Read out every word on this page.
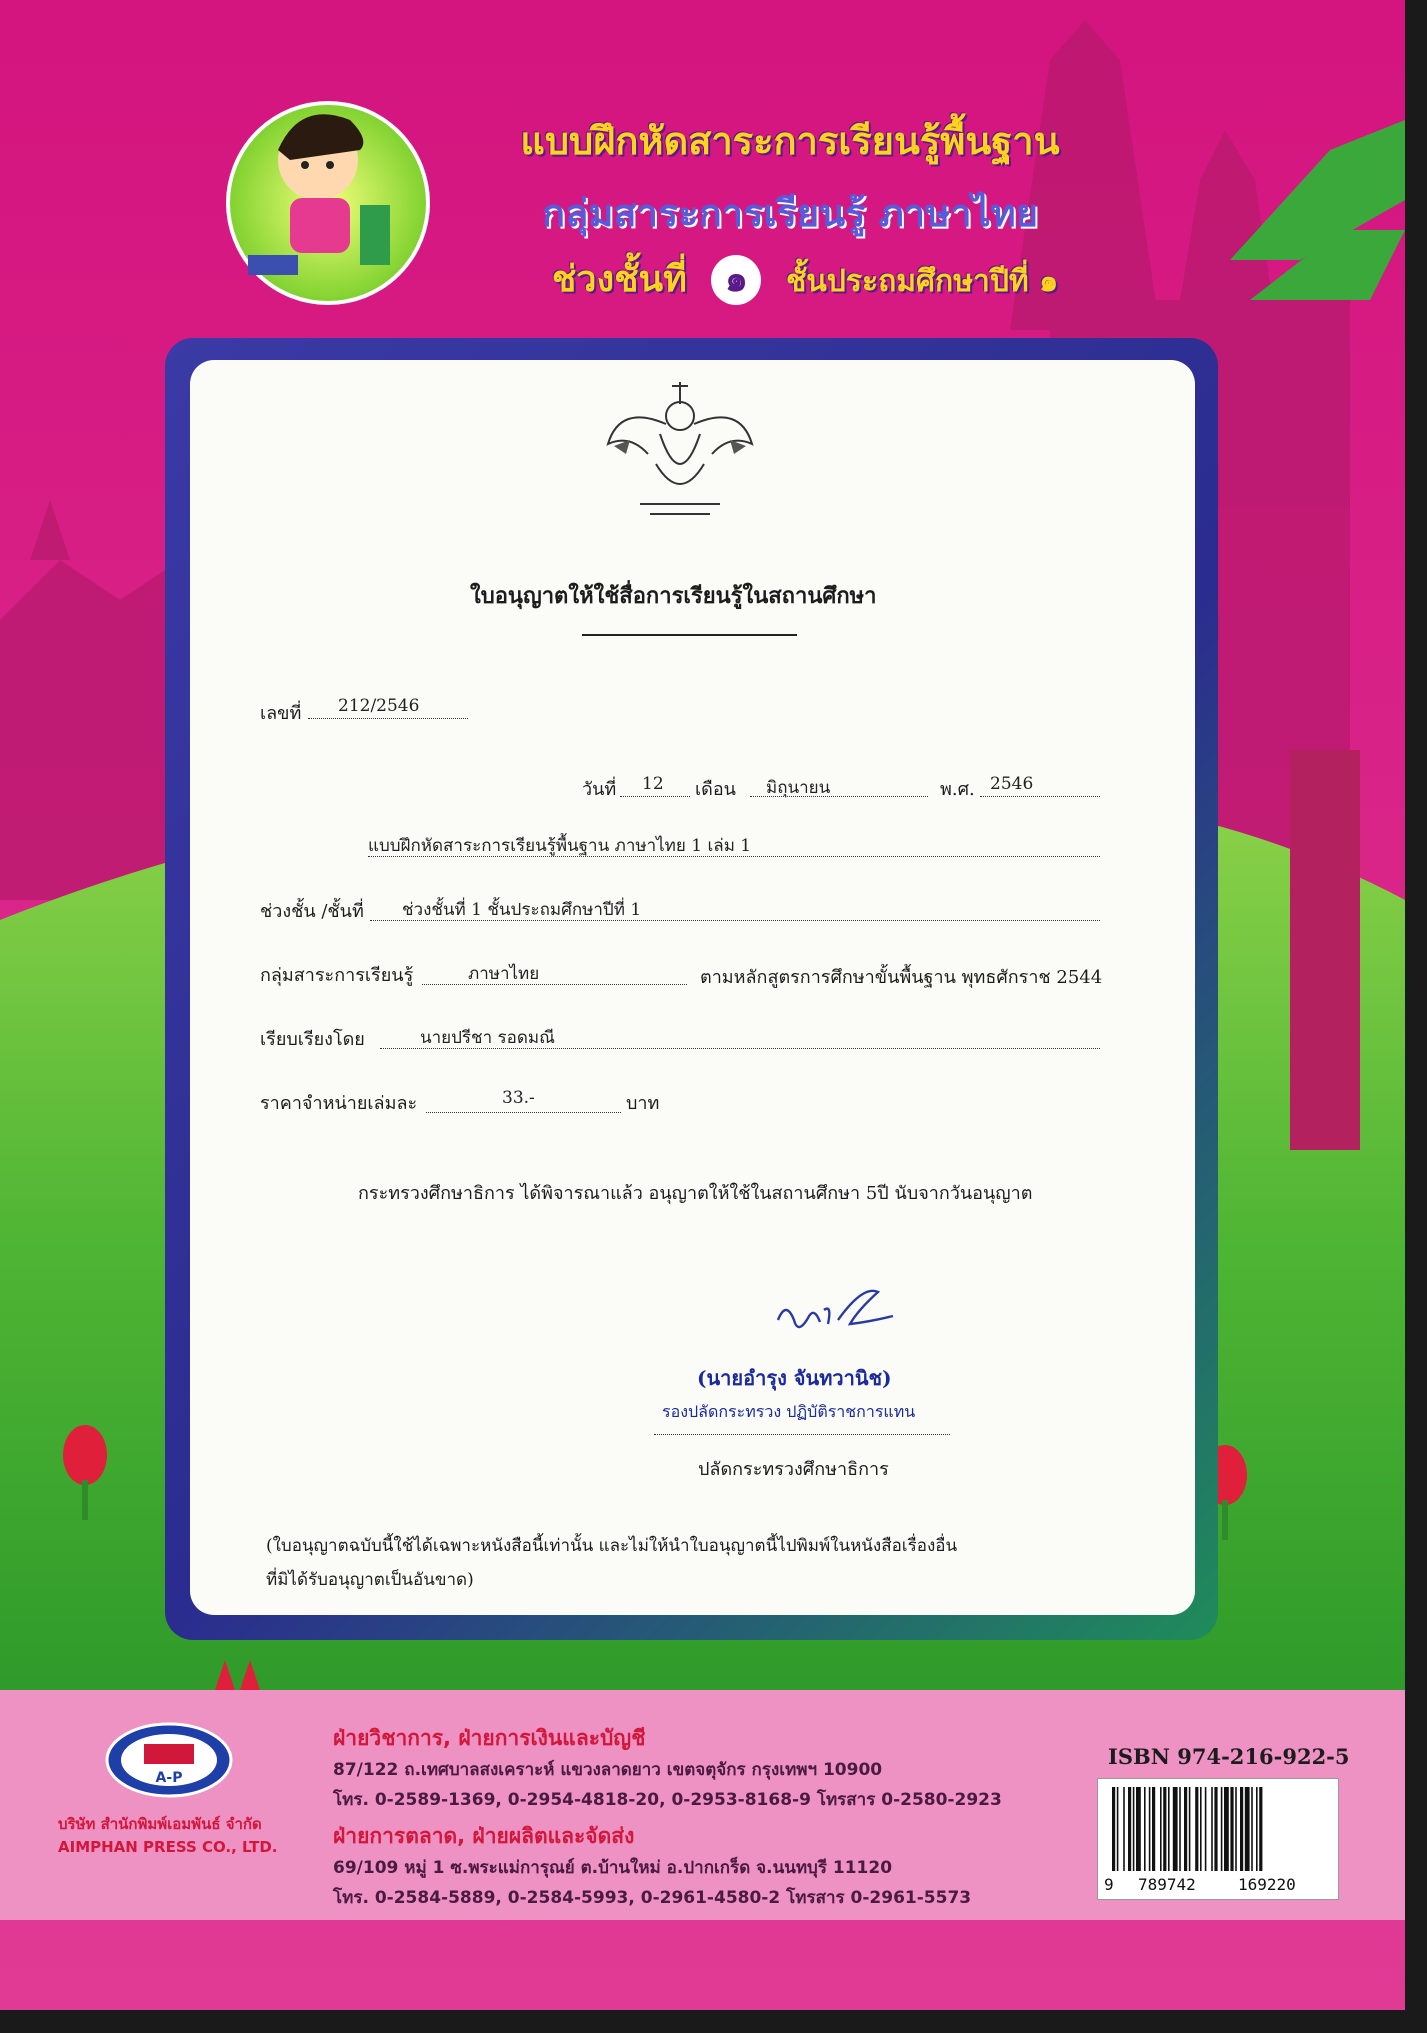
แบบฝึกหัดสาระการเรียนรู้พื้นฐาน
กลุ่มสาระการเรียนรู้ ภาษาไทย
ช่วงชั้นที่ ๑ ชั้นประถมศึกษาปีที่ ๑
ใบอนุญาตให้ใช้สื่อการเรียนรู้ในสถานศึกษา
เลขที่ 212/2546
วันที่ 12 เดือน มิถุนายน	พ.ศ. 2546
แบบฝึกหัดสาระการเรียนรู้พื้นฐาน ภาษาไทย 1 เล่ม 1
ช่วงชั้น /ชั้นที่ ช่วงชั้นที่ 1 ชั้นประถมศึกษาปีที่ 1
กลุ่มสาระการเรียนรู้	ภาษาไทย	ตามหลักสูตรการศึกษาขั้นพื้นฐาน พุทธศักราช 2544
เรียบเรียงโดย	นายปรีชา รอดมณี
ราคาจำหน่ายเล่มละ	33.-	บาท
กระทรวงศึกษาธิการ ได้พิจารณาแล้ว อนุญาตให้ใช้ในสถานศึกษา 5ปี นับจากวันอนุญาต
(นายอำรุง จันทวานิช)
รองปลัดกระทรวง ปฏิบัติราชการแทน
ปลัดกระทรวงศึกษาธิการ
(ใบอนุญาตฉบับนี้ใช้ได้เฉพาะหนังสือนี้เท่านั้น และไม่ให้นำใบอนุญาตนี้ไปพิมพ์ในหนังสือเรื่องอื่น
ที่มิได้รับอนุญาตเป็นอันขาด)
A-P
บริษัท สำนักพิมพ์เอมพันธ์ จำกัด
AIMPHAN PRESS CO., LTD.
ฝ่ายวิชาการ, ฝ่ายการเงินและบัญชี
87/122 ถ.เทศบาลสงเคราะห์ แขวงลาดยาว เขตจตุจักร กรุงเทพฯ 10900
โทร. 0-2589-1369, 0-2954-4818-20, 0-2953-8168-9 โทรสาร 0-2580-2923
ฝ่ายการตลาด, ฝ่ายผลิตและจัดส่ง
69/109 หมู่ 1 ซ.พระแม่การุณย์ ต.บ้านใหม่ อ.ปากเกร็ด จ.นนทบุรี 11120
โทร. 0-2584-5889, 0-2584-5993, 0-2961-4580-2 โทรสาร 0-2961-5573
ISBN 974-216-922-5
9 789742	169220
